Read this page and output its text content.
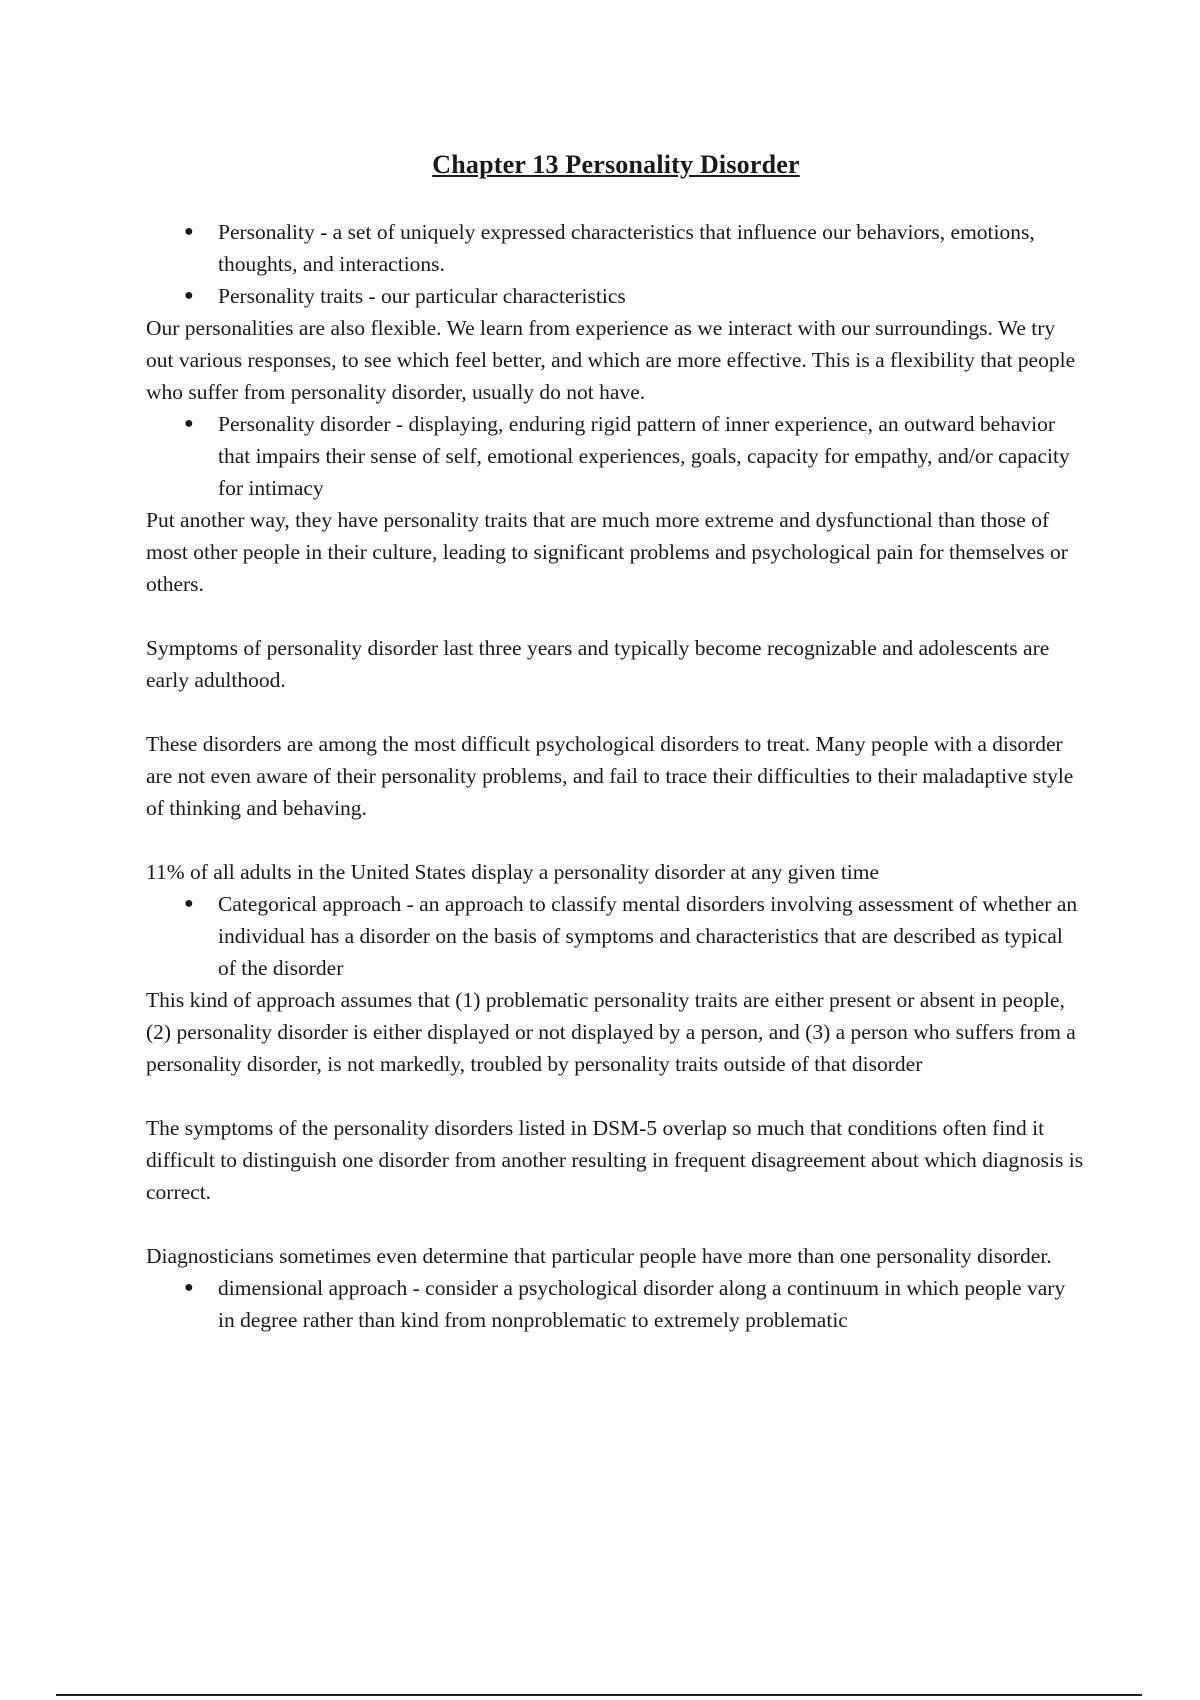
Chapter 13 Personality Disorder
● Personality - a set of uniquely expressed characteristics that influence our behaviors, emotions, thoughts, and interactions.
● Personality traits - our particular characteristics

Our personalities are also flexible. We learn from experience as we interact with our surroundings. We try out various responses, to see which feel better, and which are more effective. This is a flexibility that people who suffer from personality disorder, usually do not have.

● Personality disorder - displaying, enduring rigid pattern of inner experience, an outward behavior that impairs their sense of self, emotional experiences, goals, capacity for empathy, and/or capacity for intimacy

Put another way, they have personality traits that are much more extreme and dysfunctional than those of most other people in their culture, leading to significant problems and psychological pain for themselves or others.

Symptoms of personality disorder last three years and typically become recognizable and adolescents are early adulthood.

These disorders are among the most difficult psychological disorders to treat. Many people with a disorder are not even aware of their personality problems, and fail to trace their difficulties to their maladaptive style of thinking and behaving.

11% of all adults in the United States display a personality disorder at any given time

● Categorical approach - an approach to classify mental disorders involving assessment of whether an individual has a disorder on the basis of symptoms and characteristics that are described as typical of the disorder

This kind of approach assumes that (1) problematic personality traits are either present or absent in people, (2) personality disorder is either displayed or not displayed by a person, and (3) a person who suffers from a personality disorder, is not markedly, troubled by personality traits outside of that disorder

The symptoms of the personality disorders listed in DSM-5 overlap so much that conditions often find it difficult to distinguish one disorder from another resulting in frequent disagreement about which diagnosis is correct.

Diagnosticians sometimes even determine that particular people have more than one personality disorder.

● dimensional approach - consider a psychological disorder along a continuum in which people vary in degree rather than kind from nonproblematic to extremely problematic
